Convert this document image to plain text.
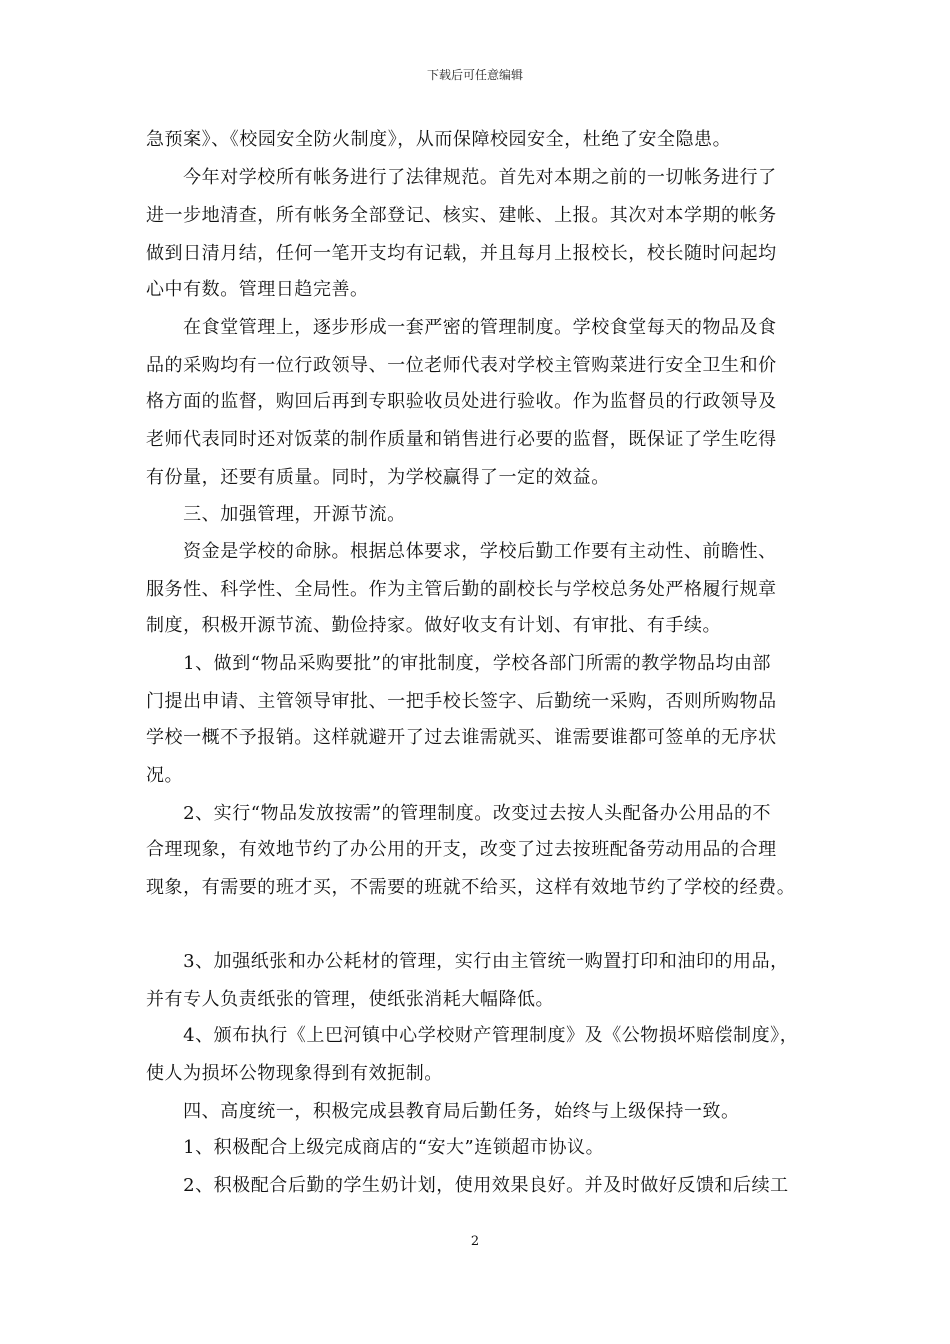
下载后可任意编辑
急预案》、《校园安全防火制度》，从而保障校园安全，杜绝了安全隐患。
　　今年对学校所有帐务进行了法律规范。首先对本期之前的一切帐务进行了
进一步地清查，所有帐务全部登记、核实、建帐、上报。其次对本学期的帐务
做到日清月结，任何一笔开支均有记载，并且每月上报校长，校长随时问起均
心中有数。管理日趋完善。
　　在食堂管理上，逐步形成一套严密的管理制度。学校食堂每天的物品及食
品的采购均有一位行政领导、一位老师代表对学校主管购菜进行安全卫生和价
格方面的监督，购回后再到专职验收员处进行验收。作为监督员的行政领导及
老师代表同时还对饭菜的制作质量和销售进行必要的监督，既保证了学生吃得
有份量，还要有质量。同时，为学校赢得了一定的效益。
　　三、加强管理，开源节流。
　　资金是学校的命脉。根据总体要求，学校后勤工作要有主动性、前瞻性、
服务性、科学性、全局性。作为主管后勤的副校长与学校总务处严格履行规章
制度，积极开源节流、勤俭持家。做好收支有计划、有审批、有手续。
　　1、做到“物品采购要批”的审批制度，学校各部门所需的教学物品均由部
门提出申请、主管领导审批、一把手校长签字、后勤统一采购，否则所购物品
学校一概不予报销。这样就避开了过去谁需就买、谁需要谁都可签单的无序状
况。
　　2、实行“物品发放按需”的管理制度。改变过去按人头配备办公用品的不
合理现象，有效地节约了办公用的开支，改变了过去按班配备劳动用品的合理
现象，有需要的班才买，不需要的班就不给买，这样有效地节约了学校的经费。
　　3、加强纸张和办公耗材的管理，实行由主管统一购置打印和油印的用品，
并有专人负责纸张的管理，使纸张消耗大幅降低。
　　4、颁布执行《上巴河镇中心学校财产管理制度》及《公物损坏赔偿制度》，
使人为损坏公物现象得到有效扼制。
　　四、高度统一，积极完成县教育局后勤任务，始终与上级保持一致。
　　1、积极配合上级完成商店的“安大”连锁超市协议。
　　2、积极配合后勤的学生奶计划，使用效果良好。并及时做好反馈和后续工
2
